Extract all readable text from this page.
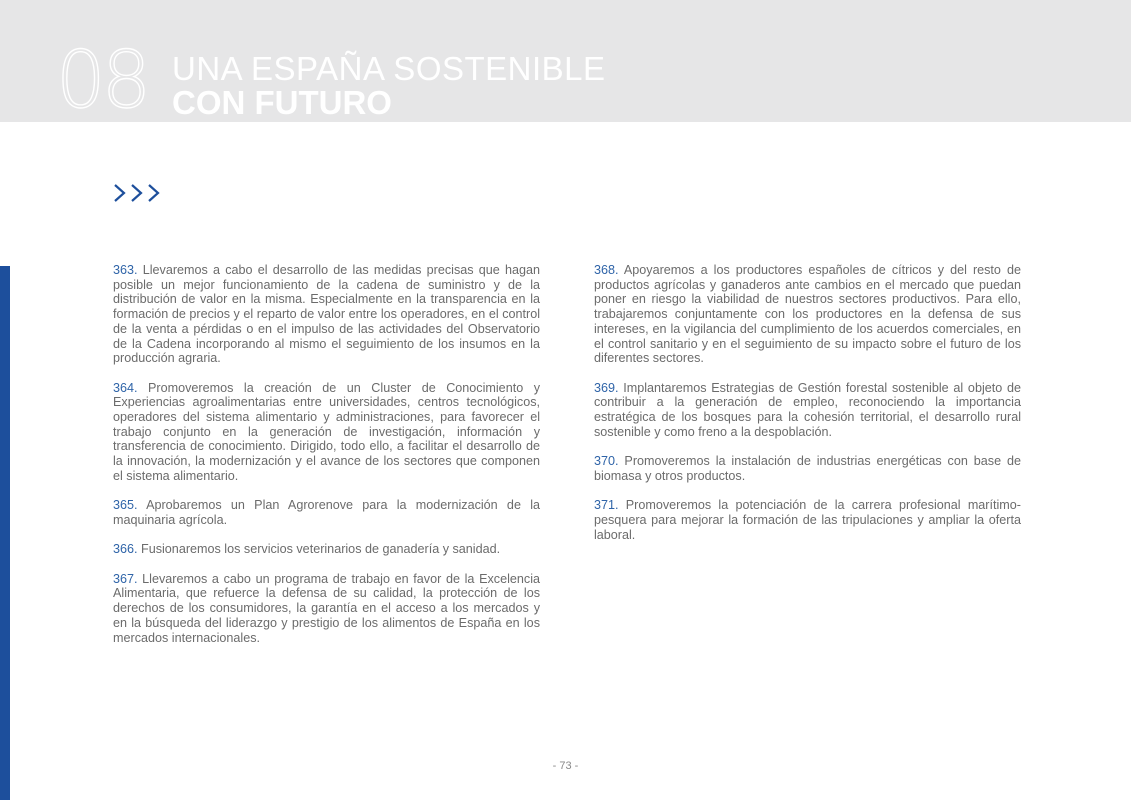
08 UNA ESPAÑA SOSTENIBLE
CON FUTURO

363. Llevaremos a cabo el desarrollo de las medidas precisas que hagan posible un mejor funcionamiento de la cadena de suministro y de la distribución de valor en la misma. Especialmente en la transparencia en la formación de precios y el reparto de valor entre los operadores, en el control de la venta a pérdidas o en el impulso de las actividades del Observatorio de la Cadena incorporando al mismo el seguimiento de los insumos en la producción agraria.

364. Promoveremos la creación de un Cluster de Conocimiento y Experiencias agroalimentarias entre universidades, centros tecnológicos, operadores del sistema alimentario y administraciones, para favorecer el trabajo conjunto en la generación de investigación, información y transferencia de conocimiento. Dirigido, todo ello, a facilitar el desarrollo de la innovación, la modernización y el avance de los sectores que componen el sistema alimentario.

365. Aprobaremos un Plan Agrorenove para la modernización de la maquinaria agrícola.

366. Fusionaremos los servicios veterinarios de ganadería y sanidad.

367. Llevaremos a cabo un programa de trabajo en favor de la Excelencia Alimentaria, que refuerce la defensa de su calidad, la protección de los derechos de los consumidores, la garantía en el acceso a los mercados y en la búsqueda del liderazgo y prestigio de los alimentos de España en los mercados internacionales.

368. Apoyaremos a los productores españoles de cítricos y del resto de productos agrícolas y ganaderos ante cambios en el mercado que puedan poner en riesgo la viabilidad de nuestros sectores productivos. Para ello, trabajaremos conjuntamente con los productores en la defensa de sus intereses, en la vigilancia del cumplimiento de los acuerdos comerciales, en el control sanitario y en el seguimiento de su impacto sobre el futuro de los diferentes sectores.

369. Implantaremos Estrategias de Gestión forestal sostenible al objeto de contribuir a la generación de empleo, reconociendo la importancia estratégica de los bosques para la cohesión territorial, el desarrollo rural sostenible y como freno a la despoblación.

370. Promoveremos la instalación de industrias energéticas con base de biomasa y otros productos.

371. Promoveremos la potenciación de la carrera profesional marítimo-pesquera para mejorar la formación de las tripulaciones y ampliar la oferta laboral.

- 73 -
